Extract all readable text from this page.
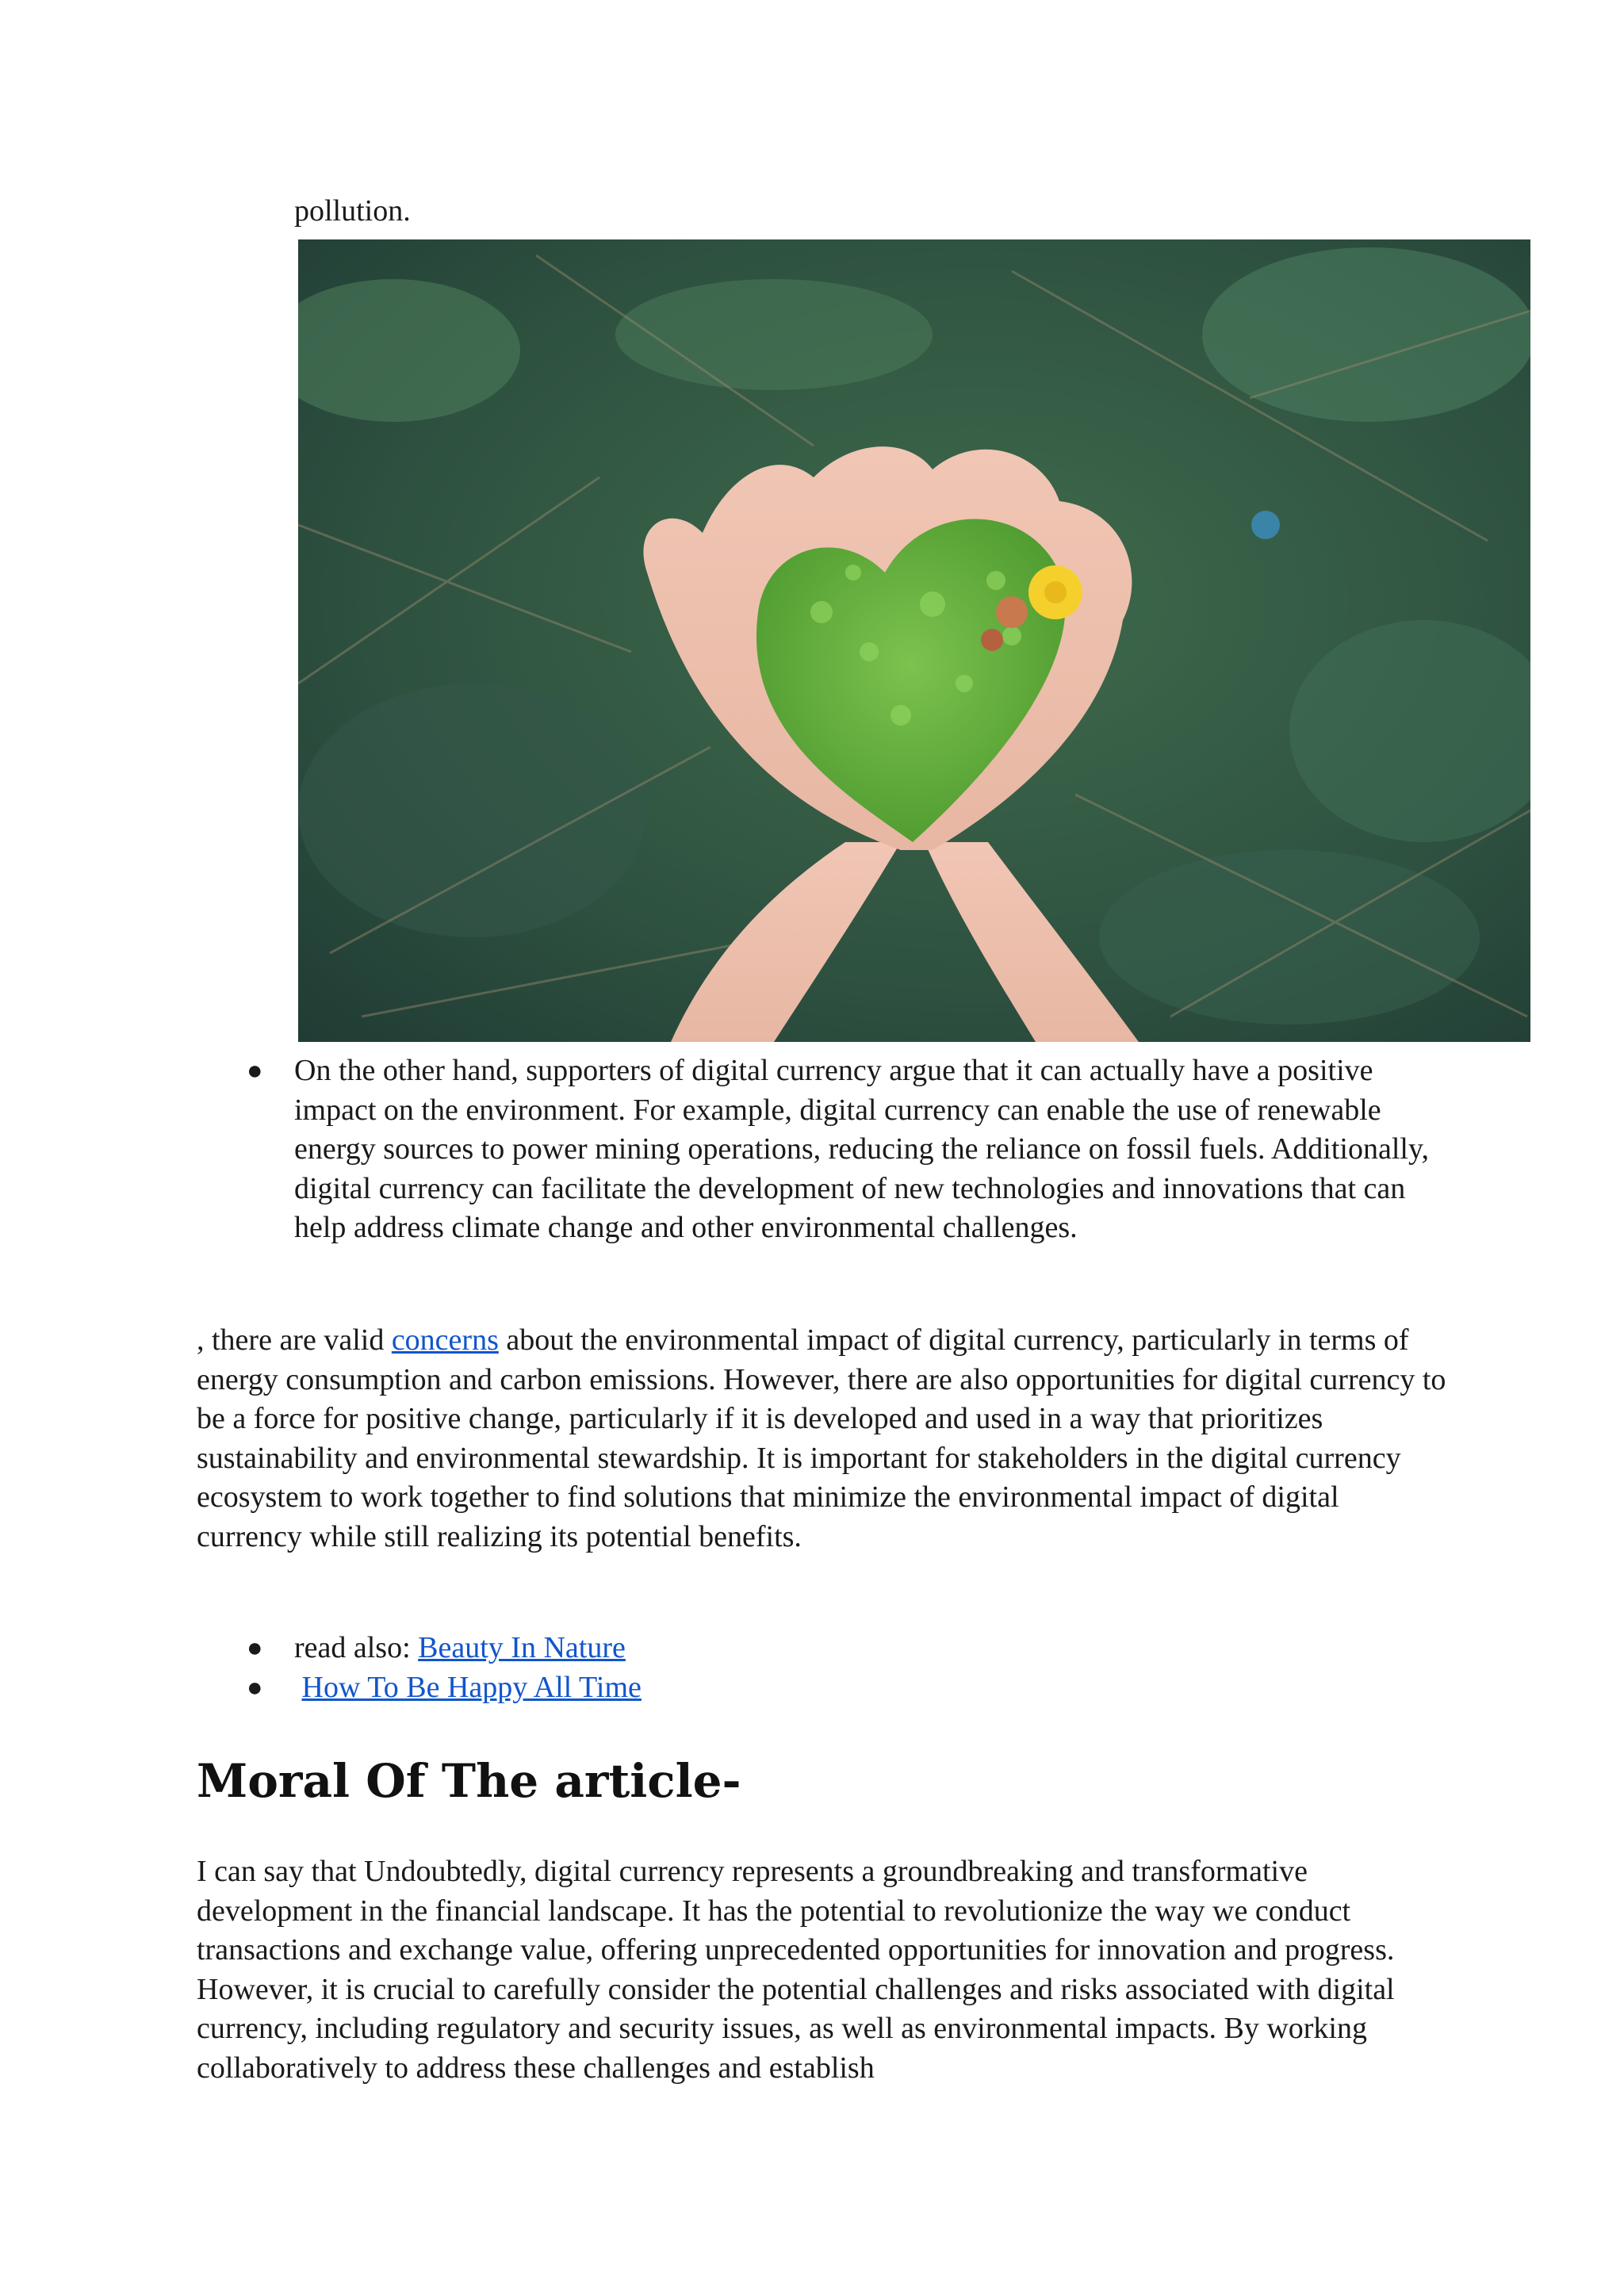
pollution.

● On the other hand, supporters of digital currency argue that it can actually have a positive impact on the environment. For example, digital currency can enable the use of renewable energy sources to power mining operations, reducing the reliance on fossil fuels. Additionally, digital currency can facilitate the development of new technologies and innovations that can help address climate change and other environmental challenges.

, there are valid concerns about the environmental impact of digital currency, particularly in terms of energy consumption and carbon emissions. However, there are also opportunities for digital currency to be a force for positive change, particularly if it is developed and used in a way that prioritizes sustainability and environmental stewardship. It is important for stakeholders in the digital currency ecosystem to work together to find solutions that minimize the environmental impact of digital currency while still realizing its potential benefits.

● read also: Beauty In Nature
● How To Be Happy All Time
Moral Of The article-

I can say that Undoubtedly, digital currency represents a groundbreaking and transformative development in the financial landscape. It has the potential to revolutionize the way we conduct transactions and exchange value, offering unprecedented opportunities for innovation and progress. However, it is crucial to carefully consider the potential challenges and risks associated with digital currency, including regulatory and security issues, as well as environmental impacts. By working collaboratively to address these challenges and establish
